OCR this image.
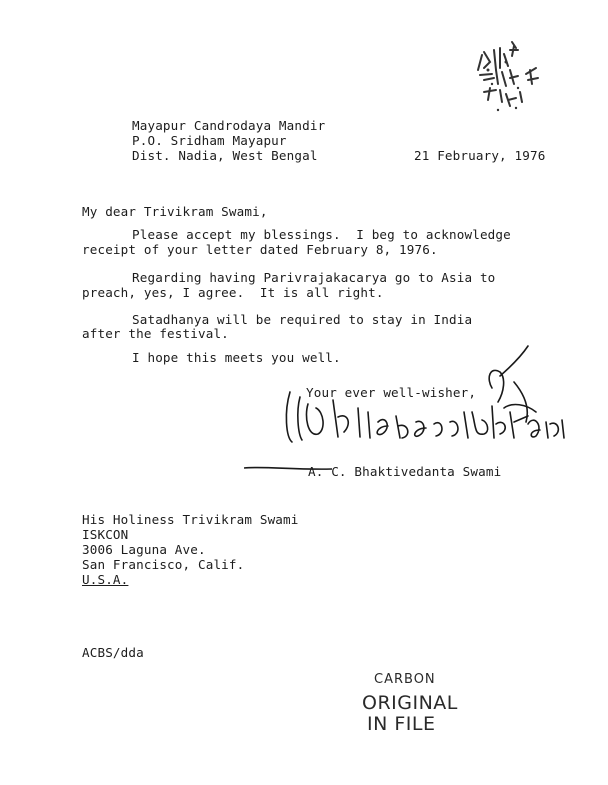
Mayapur Candrodaya Mandir
P.O. Sridham Mayapur
Dist. Nadia, West Bengal	21 February, 1976
My dear Trivikram Swami,
Please accept my blessings.  I beg to acknowledge
receipt of your letter dated February 8, 1976.
Regarding having Parivrajakacarya go to Asia to
preach, yes, I agree.  It is all right.
Satadhanya will be required to stay in India
after the festival.
I hope this meets you well.
Your ever well-wisher,
A. C. Bhaktivedanta Swami
His Holiness Trivikram Swami
ISKCON
3006 Laguna Ave.
San Francisco, Calif.
U.S.A.
ACBS/dda
CARBON
ORIGINAL
IN FILE
